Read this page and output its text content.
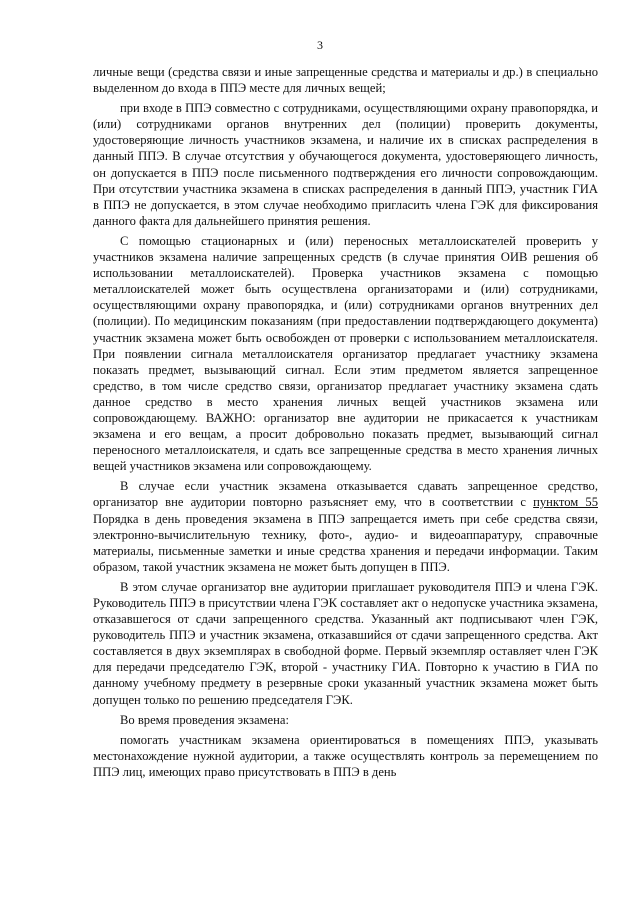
3

личные вещи (средства связи и иные запрещенные средства и материалы и др.) в специально выделенном до входа в ППЭ месте для личных вещей;

при входе в ППЭ совместно с сотрудниками, осуществляющими охрану правопорядка, и (или) сотрудниками органов внутренних дел (полиции) проверить документы, удостоверяющие личность участников экзамена, и наличие их в списках распределения в данный ППЭ. В случае отсутствия у обучающегося документа, удостоверяющего личность, он допускается в ППЭ после письменного подтверждения его личности сопровождающим. При отсутствии участника экзамена в списках распределения в данный ППЭ, участник ГИА в ППЭ не допускается, в этом случае необходимо пригласить члена ГЭК для фиксирования данного факта для дальнейшего принятия решения.

С помощью стационарных и (или) переносных металлоискателей проверить у участников экзамена наличие запрещенных средств (в случае принятия ОИВ решения об использовании металлоискателей). Проверка участников экзамена с помощью металлоискателей может быть осуществлена организаторами и (или) сотрудниками, осуществляющими охрану правопорядка, и (или) сотрудниками органов внутренних дел (полиции). По медицинским показаниям (при предоставлении подтверждающего документа) участник экзамена может быть освобожден от проверки с использованием металлоискателя. При появлении сигнала металлоискателя организатор предлагает участнику экзамена показать предмет, вызывающий сигнал. Если этим предметом является запрещенное средство, в том числе средство связи, организатор предлагает участнику экзамена сдать данное средство в место хранения личных вещей участников экзамена или сопровождающему. ВАЖНО: организатор вне аудитории не прикасается к участникам экзамена и его вещам, а просит добровольно показать предмет, вызывающий сигнал переносного металлоискателя, и сдать все запрещенные средства в место хранения личных вещей участников экзамена или сопровождающему.

В случае если участник экзамена отказывается сдавать запрещенное средство, организатор вне аудитории повторно разъясняет ему, что в соответствии с пунктом 55 Порядка в день проведения экзамена в ППЭ запрещается иметь при себе средства связи, электронно-вычислительную технику, фото-, аудио- и видеоаппаратуру, справочные материалы, письменные заметки и иные средства хранения и передачи информации. Таким образом, такой участник экзамена не может быть допущен в ППЭ.

В этом случае организатор вне аудитории приглашает руководителя ППЭ и члена ГЭК. Руководитель ППЭ в присутствии члена ГЭК составляет акт о недопуске участника экзамена, отказавшегося от сдачи запрещенного средства. Указанный акт подписывают член ГЭК, руководитель ППЭ и участник экзамена, отказавшийся от сдачи запрещенного средства. Акт составляется в двух экземплярах в свободной форме. Первый экземпляр оставляет член ГЭК для передачи председателю ГЭК, второй - участнику ГИА. Повторно к участию в ГИА по данному учебному предмету в резервные сроки указанный участник экзамена может быть допущен только по решению председателя ГЭК.

Во время проведения экзамена:

помогать участникам экзамена ориентироваться в помещениях ППЭ, указывать местонахождение нужной аудитории, а также осуществлять контроль за перемещением по ППЭ лиц, имеющих право присутствовать в ППЭ в день
